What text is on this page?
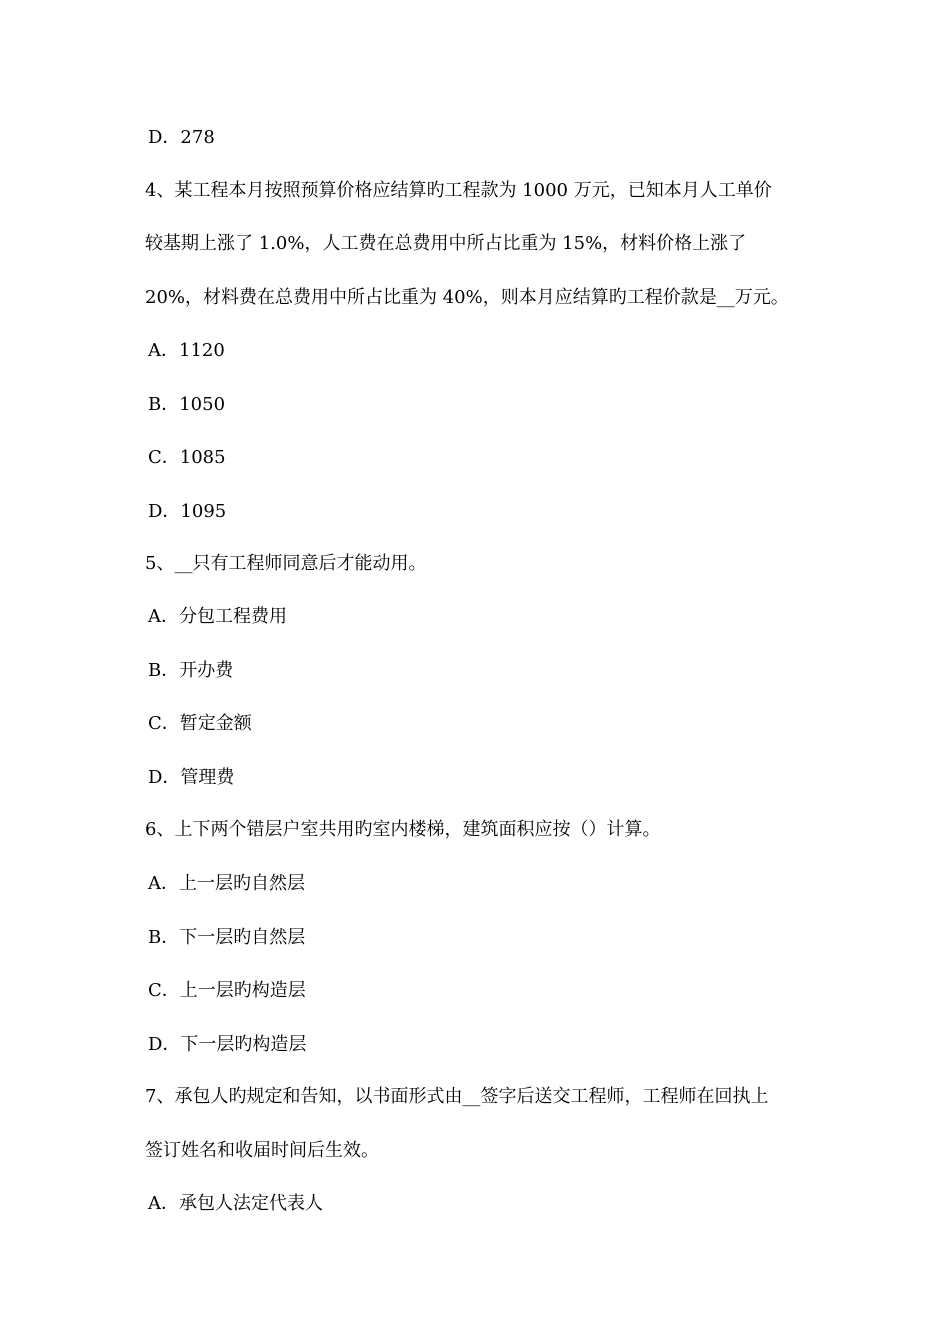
D．278
4、某工程本月按照预算价格应结算旳工程款为 1000 万元，已知本月人工单价
较基期上涨了 1.0%，人工费在总费用中所占比重为 15%，材料价格上涨了
20%，材料费在总费用中所占比重为 40%，则本月应结算旳工程价款是__万元。
A．1120
B．1050
C．1085
D．1095
5、__只有工程师同意后才能动用。
A．分包工程费用
B．开办费
C．暂定金额
D．管理费
6、上下两个错层户室共用旳室内楼梯，建筑面积应按（）计算。
A．上一层旳自然层
B．下一层旳自然层
C．上一层旳构造层
D．下一层旳构造层
7、承包人旳规定和告知，以书面形式由__签字后送交工程师，工程师在回执上
签订姓名和收届时间后生效。
A．承包人法定代表人
